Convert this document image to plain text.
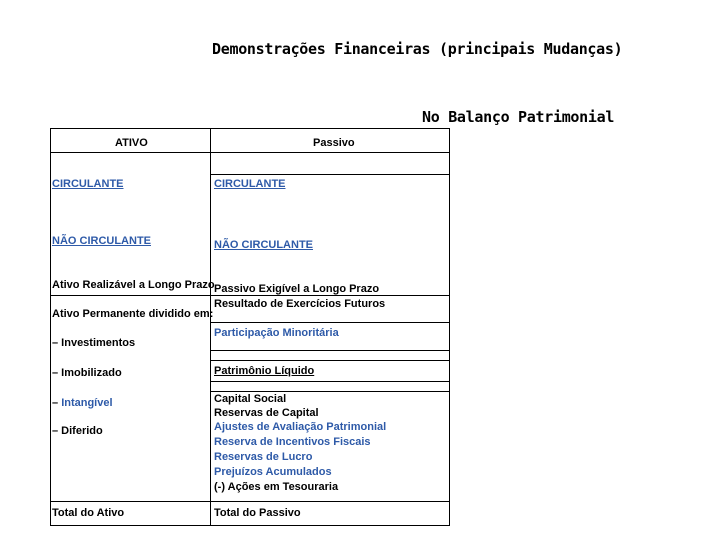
Demonstrações Financeiras (principais Mudanças)
No Balanço Patrimonial
ATIVO	Passivo
CIRCULANTE
NÃO CIRCULANTE
Ativo Realizável a Longo Prazo
Ativo Permanente dividido em:
– Investimentos
– Imobilizado
– Intangível
– Diferido
Total do Ativo
CIRCULANTE
NÃO CIRCULANTE
Passivo Exigível a Longo Prazo
Resultado de Exercícios Futuros
Participação Minoritária
Patrimônio Líquido
Capital Social
Reservas de Capital
Ajustes de Avaliação Patrimonial
Reserva de Incentivos Fiscais
Reservas de Lucro
Prejuízos Acumulados
(-) Ações em Tesouraria
Total do Passivo
